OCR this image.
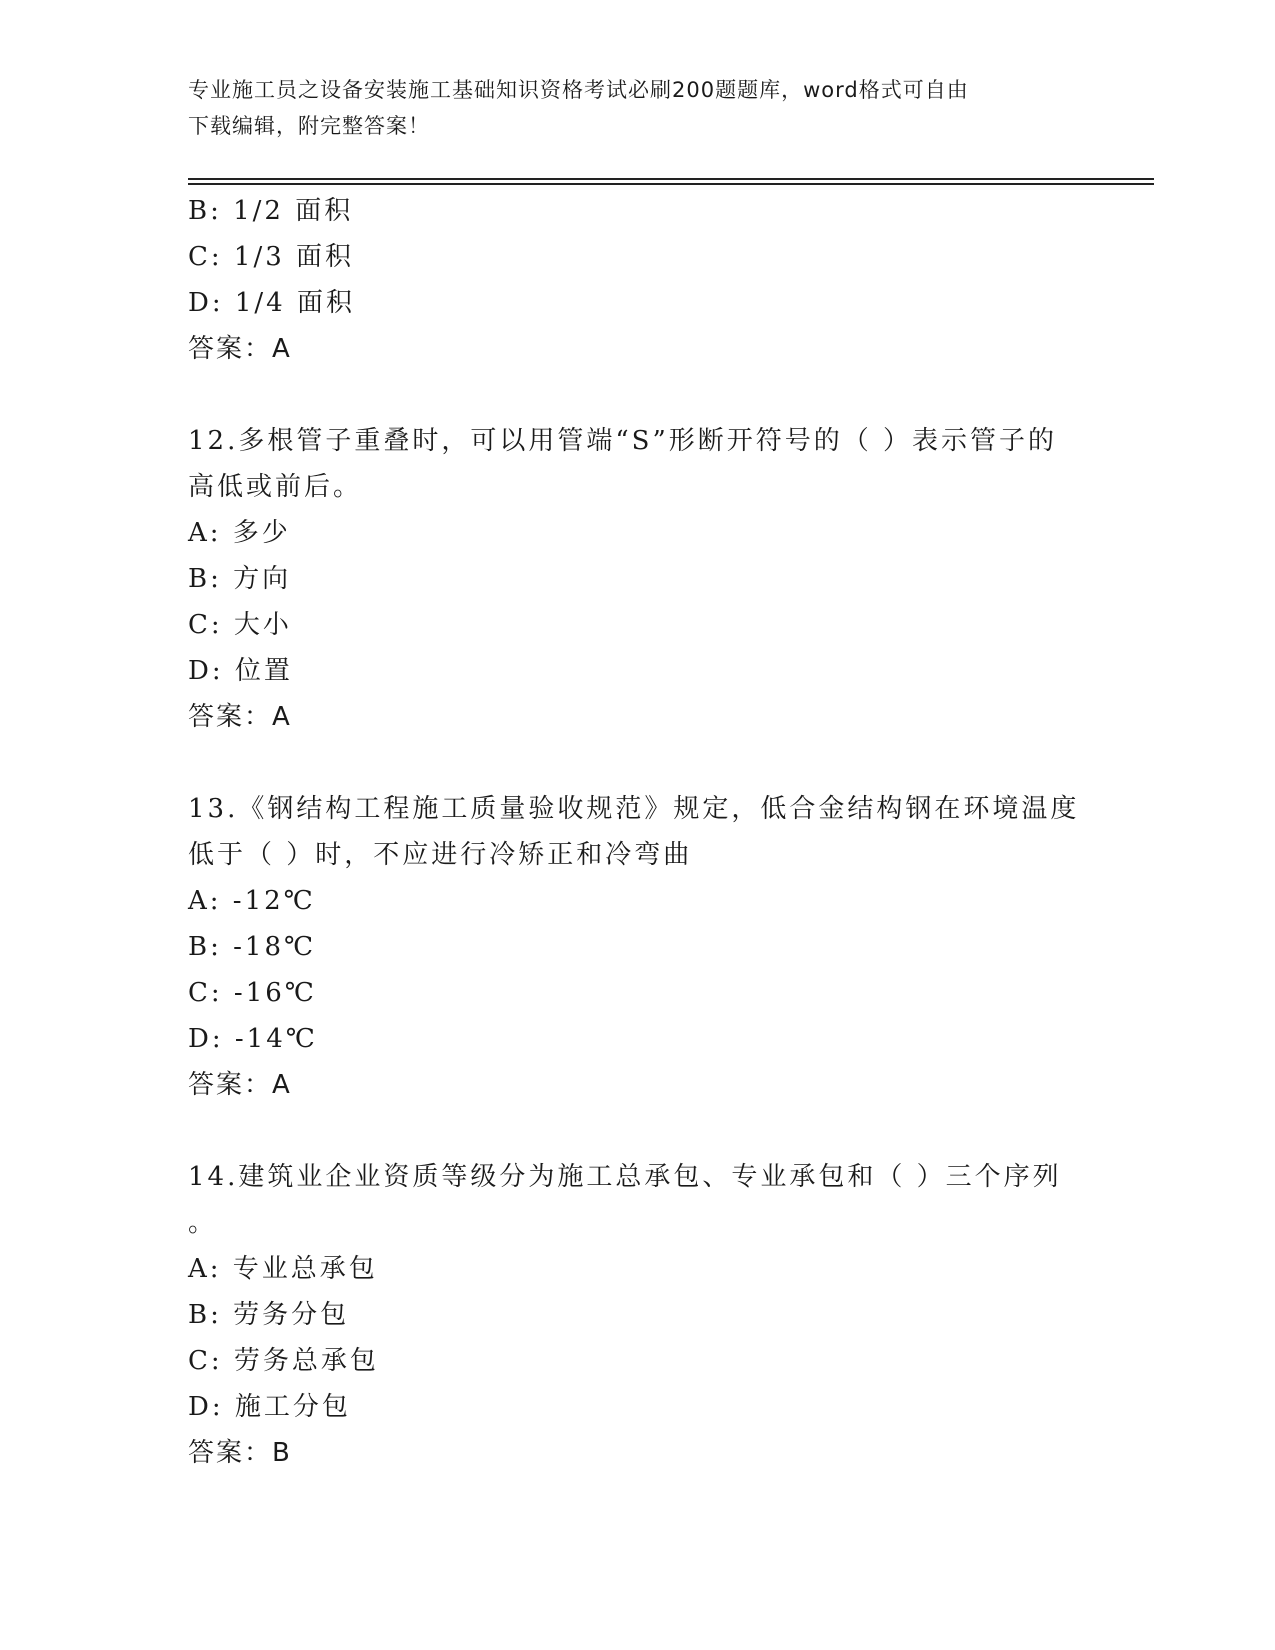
专业施工员之设备安装施工基础知识资格考试必刷200题题库，word格式可自由
下载编辑，附完整答案！
B: 1/2 面积
C: 1/3 面积
D: 1/4 面积
答案：A
12.多根管子重叠时，可以用管端“S”形断开符号的（ ）表示管子的
高低或前后。
A: 多少
B: 方向
C: 大小
D: 位置
答案：A
13.《钢结构工程施工质量验收规范》规定，低合金结构钢在环境温度
低于（ ）时，不应进行冷矫正和冷弯曲
A: -12℃
B: -18℃
C: -16℃
D: -14℃
答案：A
14.建筑业企业资质等级分为施工总承包、专业承包和（ ）三个序列
。
A: 专业总承包
B: 劳务分包
C: 劳务总承包
D: 施工分包
答案：B
